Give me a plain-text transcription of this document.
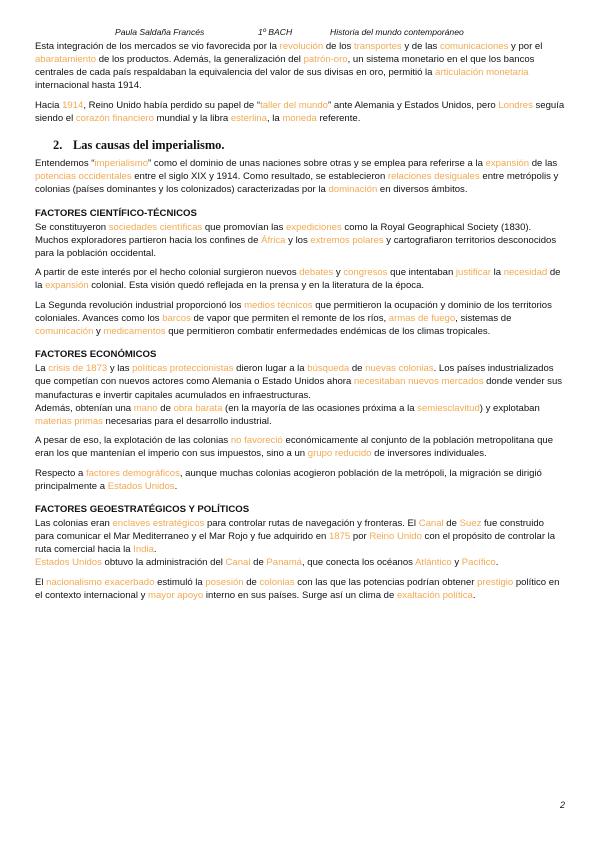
Paula Saldaña Francés	1º BACH	Historia del mundo contemporáneo

Esta integración de los mercados se vio favorecida por la revolución de los transportes y de las comunicaciones y por el abaratamiento de los productos. Además, la generalización del patrón-oro, un sistema monetario en el que los bancos centrales de cada país respaldaban la equivalencia del valor de sus divisas en oro, permitió la articulación monetaria internacional hasta 1914.

Hacia 1914, Reino Unido había perdido su papel de “taller del mundo” ante Alemania y Estados Unidos, pero Londres seguía siendo el corazón financiero mundial y la libra esterlina, la moneda referente.

2. Las causas del imperialismo.

Entendemos “imperialismo” como el dominio de unas naciones sobre otras y se emplea para referirse a la expansión de las potencias occidentales entre el siglo XIX y 1914. Como resultado, se establecieron relaciones desiguales entre metrópolis y colonias (países dominantes y los colonizados) caracterizadas por la dominación en diversos ámbitos.

FACTORES CIENTÍFICO-TÉCNICOS

Se constituyeron sociedades científicas que promovían las expediciones como la Royal Geographical Society (1830). Muchos exploradores partieron hacia los confines de África y los extremos polares y cartografiaron territorios desconocidos para la población occidental.

A partir de este interés por el hecho colonial surgieron nuevos debates y congresos que intentaban justificar la necesidad de la expansión colonial. Esta visión quedó reflejada en la prensa y en la literatura de la época.

La Segunda revolución industrial proporcionó los medios técnicos que permitieron la ocupación y dominio de los territorios coloniales. Avances como los barcos de vapor que permiten el remonte de los ríos, armas de fuego, sistemas de comunicación y medicamentos que permitieron combatir enfermedades endémicas de los climas tropicales.

FACTORES ECONÓMICOS

La crisis de 1873 y las políticas proteccionistas dieron lugar a la búsqueda de nuevas colonias. Los países industrializados que competían con nuevos actores como Alemania o Estado Unidos ahora necesitaban nuevos mercados donde vender sus manufacturas e invertir capitales acumulados en infraestructuras.

Además, obtenían una mano de obra barata (en la mayoría de las ocasiones próxima a la semiesclavitud) y explotaban materias primas necesarias para el desarrollo industrial.

A pesar de eso, la explotación de las colonias no favoreció económicamente al conjunto de la población metropolitana que eran los que mantenían el imperio con sus impuestos, sino a un grupo reducido de inversores individuales.

Respecto a factores demográficos, aunque muchas colonias acogieron población de la metrópoli, la migración se dirigió principalmente a Estados Unidos.

FACTORES GEOESTRATÉGICOS Y POLÍTICOS

Las colonias eran enclaves estratégicos para controlar rutas de navegación y fronteras. El Canal de Suez fue construido para comunicar el Mar Mediterraneo y el Mar Rojo y fue adquirido en 1875 por Reino Unido con el propósito de controlar la ruta comercial hacia la India.

Estados Unidos obtuvo la administración del Canal de Panamá, que conecta los océanos Atlántico y Pacífico.

El nacionalismo exacerbado estimuló la posesión de colonias con las que las potencias podrían obtener prestigio político en el contexto internacional y mayor apoyo interno en sus países. Surge así un clima de exaltación política.

2
